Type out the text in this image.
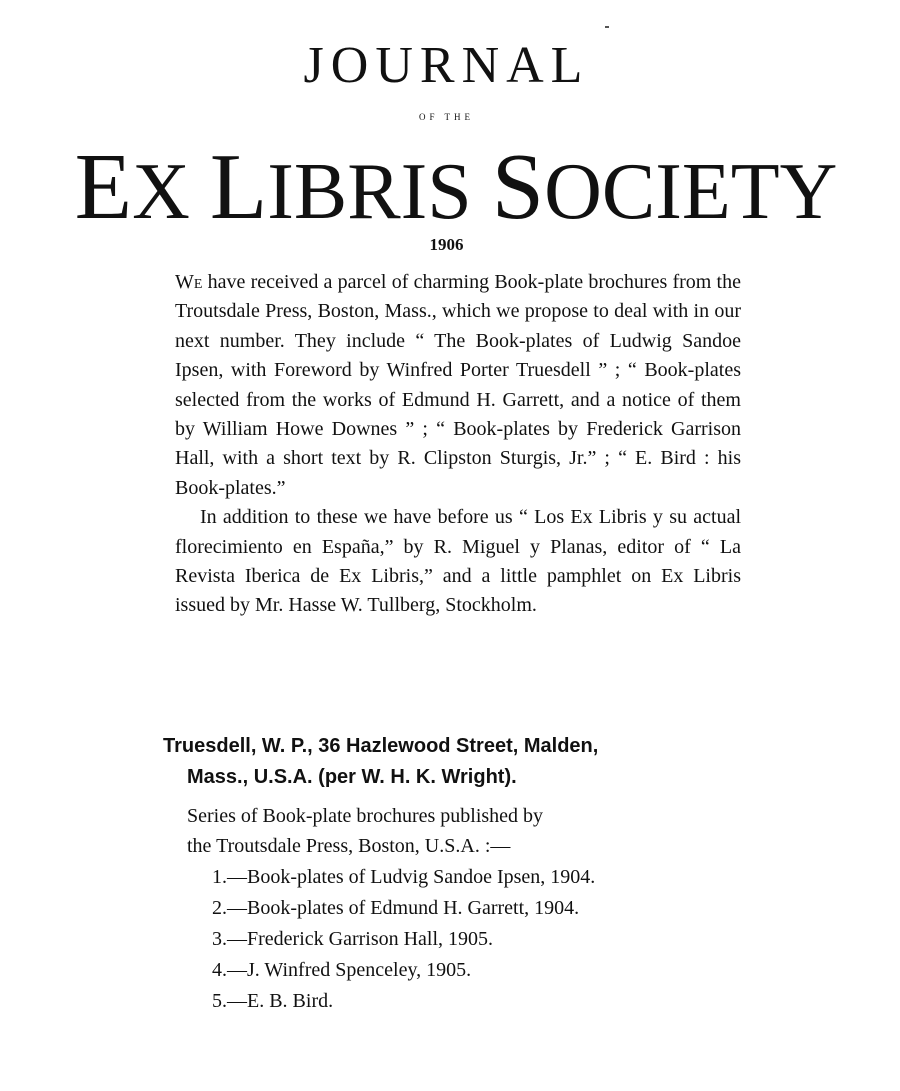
JOURNAL
OF THE
EX LIBRIS SOCIETY
1906

We have received a parcel of charming Book-plate brochures from the Troutsdale Press, Boston, Mass., which we propose to deal with in our next number. They include “ The Book-plates of Ludwig Sandoe Ipsen, with Foreword by Winfred Porter Truesdell ” ; “ Book-plates selected from the works of Edmund H. Garrett, and a notice of them by William Howe Downes ” ; “ Book-plates by Frederick Garrison Hall, with a short text by R. Clipston Sturgis, Jr.” ; “ E. Bird : his Book-plates.”

In addition to these we have before us “ Los Ex Libris y su actual florecimiento en España,” by R. Miguel y Planas, editor of “ La Revista Iberica de Ex Libris,” and a little pamphlet on Ex Libris issued by Mr. Hasse W. Tullberg, Stockholm.

Truesdell, W. P., 36 Hazlewood Street, Malden,
Mass., U.S.A. (per W. H. K. Wright).
Series of Book-plate brochures published by
the Troutsdale Press, Boston, U.S.A. :—
1.—Book-plates of Ludvig Sandoe Ipsen, 1904.
2.—Book-plates of Edmund H. Garrett, 1904.
3.—Frederick Garrison Hall, 1905.
4.—J. Winfred Spenceley, 1905.
5.—E. B. Bird.
